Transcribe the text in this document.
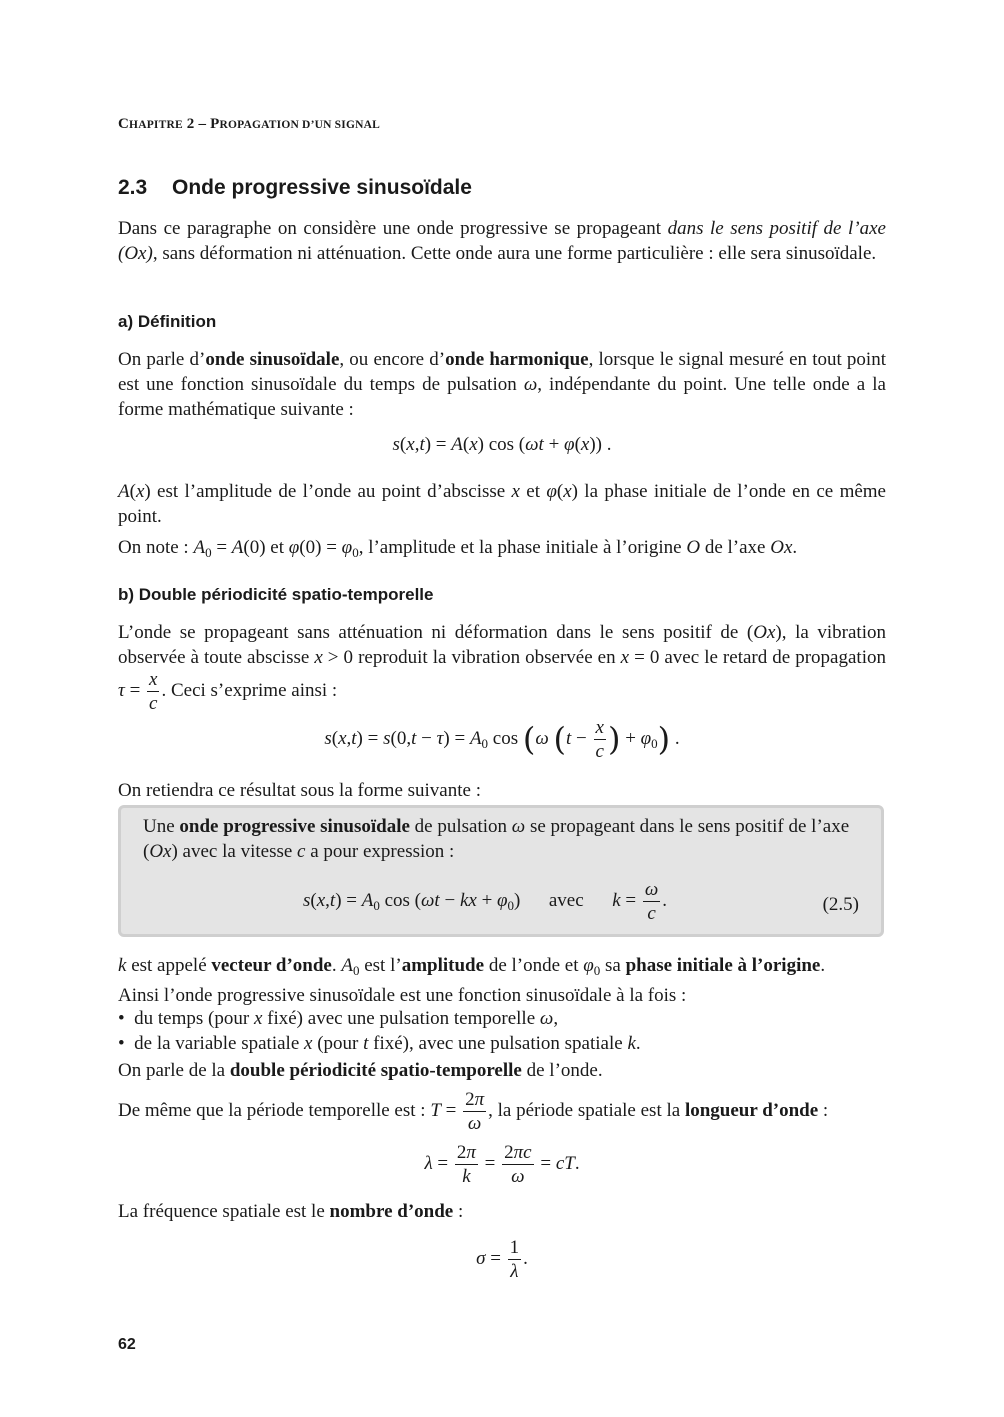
CHAPITRE 2 – PROPAGATION D’UN SIGNAL
2.3 Onde progressive sinusoïdale
Dans ce paragraphe on considère une onde progressive se propageant dans le sens positif de l’axe (Ox), sans déformation ni atténuation. Cette onde aura une forme particulière : elle sera sinusoïdale.
a) Définition
On parle d’onde sinusoïdale, ou encore d’onde harmonique, lorsque le signal mesuré en tout point est une fonction sinusoïdale du temps de pulsation ω, indépendante du point. Une telle onde a la forme mathématique suivante :
s(x,t) = A(x) cos (ωt + φ(x)) .
A(x) est l’amplitude de l’onde au point d’abscisse x et φ(x) la phase initiale de l’onde en ce même point.
On note : $A_0 = A(0)$ et $\varphi(0) = \varphi_0$, l’amplitude et la phase initiale à l’origine O de l’axe Ox.
b) Double périodicité spatio-temporelle
L’onde se propageant sans atténuation ni déformation dans le sens positif de (Ox), la vibration observée à toute abscisse x > 0 reproduit la vibration observée en x = 0 avec le retard de propagation $\tau = \frac{x}{c}$ . Ceci s’exprime ainsi :
$s(x,t) = s(0,t - \tau) = A_0$ cos (ω ($t - \frac{x}{c}$ ) + $\varphi_0$) .
On retiendra ce résultat sous la forme suivante :
Une onde progressive sinusoïdale de pulsation ω se propageant dans le sens positif de l’axe (Ox) avec la vitesse c a pour expression :
$s(x,t) = A_0$ cos (ωt − kx + $\varphi_0$)      avec $k = \frac{\omega}{c}$ .	(2.5)
k est appelé vecteur d’onde. $A_0$ est l’amplitude de l’onde et $\varphi_0$ sa phase initiale à l’origine.
Ainsi l’onde progressive sinusoïdale est une fonction sinusoïdale à la fois :
•  du temps (pour x fixé) avec une pulsation temporelle ω,
•  de la variable spatiale x (pour t fixé), avec une pulsation spatiale k.
On parle de la double périodicité spatio-temporelle de l’onde.
De même que la période temporelle est : $T = \frac{2\pi}{\omega}$ , la période spatiale est la longueur d’onde :
$\lambda = \frac{2\pi}{k} = \frac{2\pi c}{\omega}$ = cT.
La fréquence spatiale est le nombre d’onde :
$\sigma = \frac{1}{\lambda}$ .
62
